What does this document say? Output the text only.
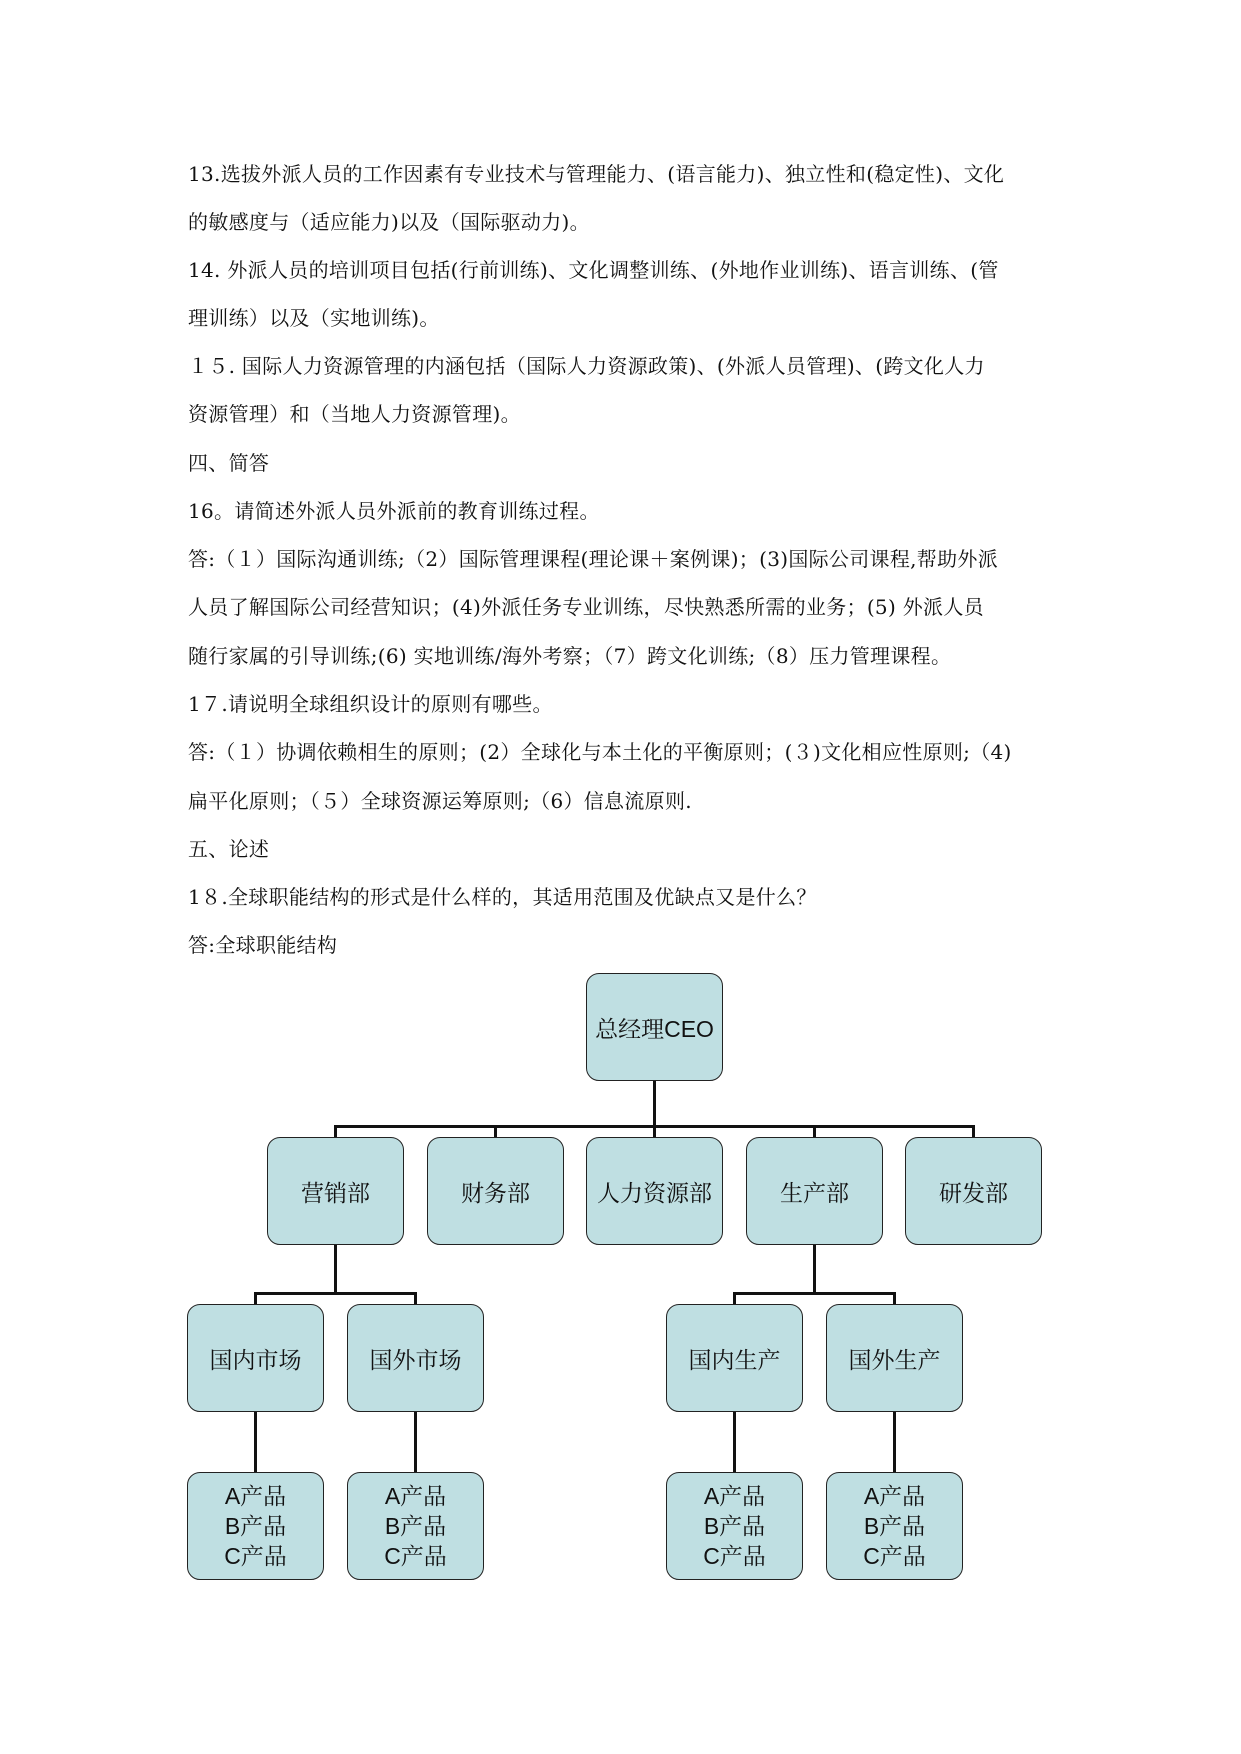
13.选拔外派人员的工作因素有专业技术与管理能力、(语言能力)、独立性和(稳定性)、文化
的敏感度与（适应能力)以及（国际驱动力)。
14. 外派人员的培训项目包括(行前训练)、文化调整训练、(外地作业训练)、语言训练、(管
理训练）以及（实地训练)。
１５. 国际人力资源管理的内涵包括（国际人力资源政策)、(外派人员管理)、(跨文化人力
资源管理）和（当地人力资源管理)。
四、简答
16。请简述外派人员外派前的教育训练过程。
答:（１）国际沟通训练;（2）国际管理课程(理论课＋案例课)；(3)国际公司课程,帮助外派
人员了解国际公司经营知识；(4)外派任务专业训练，尽快熟悉所需的业务；(5) 外派人员
随行家属的引导训练;(6) 实地训练/海外考察；（7）跨文化训练;（8）压力管理课程。
1７.请说明全球组织设计的原则有哪些。
答:（１）协调依赖相生的原则；(2）全球化与本土化的平衡原则；(３)文化相应性原则;（4)
扁平化原则；（５）全球资源运筹原则;（6）信息流原则.
五、论述
1８.全球职能结构的形式是什么样的，其适用范围及优缺点又是什么？
答:全球职能结构
总经理CEO
营销部	财务部	人力资源部	生产部	研发部
国内市场	国外市场	国内生产	国外生产
A产品
B产品
C产品
A产品
B产品
C产品
A产品
B产品
C产品
A产品
B产品
C产品
